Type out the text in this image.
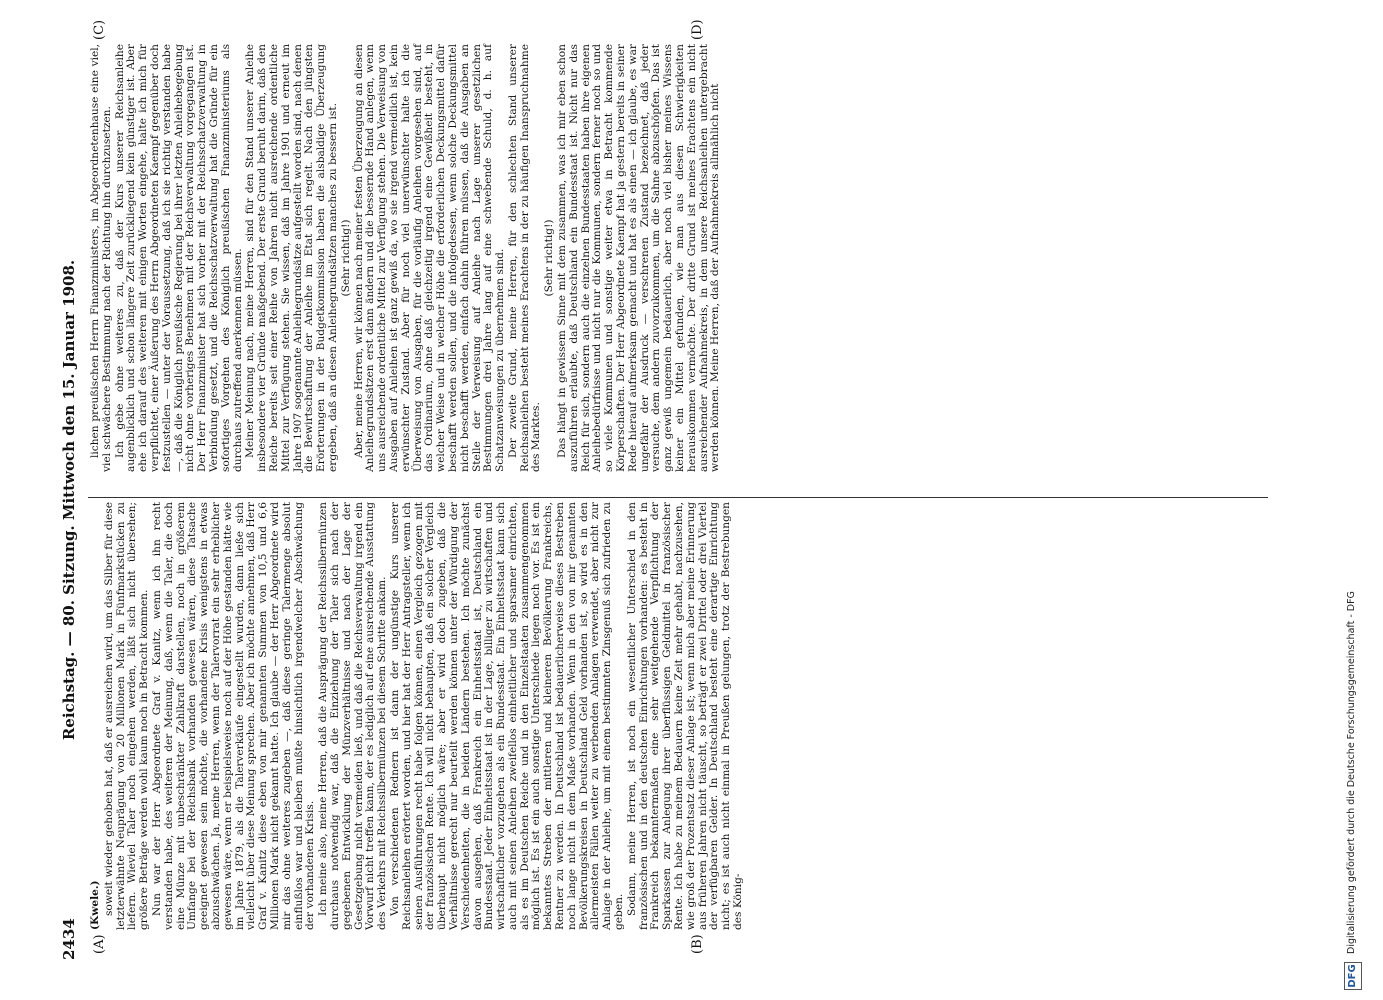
2434
Reichstag. — 80. Sitzung. Mittwoch den 15. Januar 1908.
(A)	(B)
(C)	(D)

(Kwele.) soweit wieder gehoben hat, daß er ausreichen wird, um das Silber für diese letzterwähnte Neuprägung von 20 Millionen Mark in Fünfmarkstücken zu liefern. Wieviel Taler noch eingehen werden, läßt sich nicht übersehen; größere Beträge werden wohl kaum noch in Betracht kommen. Nun war der Herr Abgeordnete Graf v. Kanitz, wenn ich ihn recht verstanden habe, des weiteren der Meinung, daß, wenn die Taler, die doch eine Münze mit unbeschränkter Zahlkraft darstellen, noch in größerem Umfange bei der Reichsbank vorhanden gewesen wären, diese Tatsache geeignet gewesen sein möchte, die vorhandene Krisis wenigstens in etwas abzuschwächen. Ja, meine Herren, wenn der Talervorrat ein sehr erheblicher gewesen wäre, wenn er beispielsweise noch auf der Höhe gestanden hätte wie im Jahre 1879, als die Talerverkäufe eingestellt wurden, dann ließe sich vielleicht über diese Meinung sprechen. Aber ich möchte annehmen, daß Herr Graf v. Kanitz diese eben von mir genannten Summen von 10,5 und 6,6 Millionen Mark nicht gekannt hatte. Ich glaube — der Herr Abgeordnete wird mir das ohne weiteres zugeben —, daß diese geringe Talermenge absolut einflußlos war und bleiben mußte hinsichtlich irgendwelcher Abschwächung der vorhandenen Krisis. Ich meine also, meine Herren, daß die Ausprägung der Reichssilbermünzen durchaus notwendig war, daß die Einziehung der Taler sich nach der gegebenen Entwicklung der Münzverhältnisse und nach der Lage der Gesetzgebung nicht vermeiden ließ, und daß die Reichsverwaltung irgend ein Vorwurf nicht treffen kann, der es lediglich auf eine ausreichende Ausstattung des Verkehrs mit Reichssilbermünzen bei diesem Schritte ankam. Von verschiedenen Rednern ist dann der ungünstige Kurs unserer Reichsanleihen erörtert worden, und hier hat der Herr Antragsteller, wenn ich seinen Ausführungen recht habe folgen können, einen Vergleich gezogen mit der französischen Rente. Ich will nicht behaupten, daß ein solcher Vergleich überhaupt nicht möglich wäre; aber er wird doch zugeben, daß die Verhältnisse gerecht nur beurteilt werden können unter der Würdigung der Verschiedenheiten, die in beiden Ländern bestehen. Ich möchte zunächst davon ausgehen, daß Frankreich ein Einheitsstaat ist, Deutschland ein Bundesstaat. Jeder Einheitsstaat ist in der Lage, billiger zu wirtschaften und wirtschaftlicher vorzugehen als ein Bundesstaat. Ein Einheitsstaat kann sich auch mit seinen Anleihen zweifellos einheitlicher und sparsamer einrichten, als es im Deutschen Reiche und in den Einzelstaaten zusammengenommen möglich ist. Es ist ein auch sonstige Unterschiede liegen noch vor. Es ist ein bekanntes Streben der mittleren und kleineren Bevölkerung Frankreichs, Rentner zu werden. In Deutschland ist bedauerlicherweise dieses Bestreben noch lange nicht in dem Maße vorhanden. Wenn in den von mir genannten Bevölkerungskreisen in Deutschland Geld vorhanden ist, so wird es in den allermeisten Fällen weiter zu werbenden Anlagen verwendet, aber nicht zur Anlage in der Anleihe, um mit einem bestimmten Zinsgenuß sich zufrieden zu geben. Sodann, meine Herren, ist noch ein wesentlicher Unterschied in den französischen und in den deutschen Einrichtungen vorhanden: es besteht in Frankreich bekanntermaßen eine sehr weitgehende Verpflichtung der Sparkassen zur Anlegung ihrer überflüssigen Geldmittel in französischer Rente. Ich habe zu meinem Bedauern keine Zeit mehr gehabt, nachzusehen, wie groß der Prozentsatz dieser Anlage ist; wenn mich aber meine Erinnerung aus früheren Jahren nicht täuscht, so beträgt er zwei Drittel oder drei Viertel der verfügbaren Gelder. In Deutschland besteht eine derartige Einrichtung nicht; es ist auch nicht einmal in Preußen gelungen, trotz der Bestrebungen des König-

lichen preußischen Herrn Finanzministers, im Abgeordnetenhause eine viel, viel schwächere Bestimmung nach der Richtung hin durchzusetzen. Ich gebe ohne weiteres zu, daß der Kurs unserer Reichsanleihe augenblicklich und schon längere Zeit zurückliegend kein günstiger ist. Aber ehe ich darauf des weiteren mit einigen Worten eingehe, halte ich mich für verpflichtet, einer Äußerung des Herrn Abgeordneten Kaempf gegenüber doch festzustellen — unter der Voraussetzung, daß ich sie richtig verstanden habe —, daß die Königlich preußische Regierung bei ihrer letzten Anleihebegebung nicht ohne vorheriges Benehmen mit der Reichsverwaltung vorgegangen ist. Der Herr Finanzminister hat sich vorher mit der Reichsschatzverwaltung in Verbindung gesetzt, und die Reichsschatzverwaltung hat die Gründe für ein sofortiges Vorgehen des Königlich preußischen Finanzministeriums als durchaus zutreffend anerkennen müssen. Meiner Meinung nach, meine Herren, sind für den Stand unserer Anleihe insbesondere vier Gründe maßgebend. Der erste Grund beruht darin, daß den Reiche bereits seit einer Reihe von Jahren nicht ausreichende ordentliche Mittel zur Verfügung stehen. Sie wissen, daß im Jahre 1901 und erneut im Jahre 1907 sogenannte Anleihegrundsätze aufgestellt worden sind, nach denen die Bewirtschaftung der Anleihe im Etat sich regelt. Nach den jüngsten Erörterungen in der Budgetkommission haben die alsbaldige Überzeugung ergeben, daß an diesen Anleihegrundsätzen manches zu bessern ist. (Sehr richtig!) Aber, meine Herren, wir können nach meiner festen Überzeugung an diesen Anleihegrundsätzen erst dann ändern und die bessernde Hand anlegen, wenn uns ausreichende ordentliche Mittel zur Verfügung stehen. Die Verweisung von Ausgaben auf Anleihen ist ganz gewiß da, wo sie irgend vermeidlich ist, kein erwünschter Zustand. Aber für noch viel unerwünschter halte ich die Überweisung von Ausgaben, für die vorläufig Anleihen vorgesehen sind, auf das Ordinarium, ohne daß gleichzeitig irgend eine Gewißheit besteht, in welcher Weise und in welcher Höhe die erforderlichen Deckungsmittel dafür beschafft werden sollen, und die infolgedessen, wenn solche Deckungsmittel nicht beschafft werden, einfach dahin führen müssen, daß die Ausgaben an Stelle der Verweisung auf Anleihe nach Lage unserer gesetzlichen Bestimmungen drei Jahre lang auf eine schwebende Schuld, d. h. auf Schatzanweisungen zu übernehmen sind. Der zweite Grund, meine Herren, für den schlechten Stand unserer Reichsanleihen besteht meines Erachtens in der zu häufigen Inanspruchnahme des Marktes.

(Sehr richtig!) Das hängt in gewissem Sinne mit dem zusammen, was ich mir eben schon auszuführen erlaubte, daß Deutschland ein Bundesstaat ist. Nicht nur das Reich für sich, sondern auch die einzelnen Bundesstaaten haben ihre eigenen Anleihebedürfnisse und nicht nur die Kommunen, sondern ferner noch so und so viele Kommunen und sonstige weiter etwa in Betracht kommende Körperschaften. Der Herr Abgeordnete Kaempf hat ja gestern bereits in seiner Rede hierauf aufmerksam gemacht und hat es als einen — ich glaube, es war ungefähr der Ausdruck — verschrenen Zustand bezeichnet, daß jeder versuche, dem andern zuvorzukommen, um die Sahne abzuschöpfen. Das ist ganz gewiß ungemein bedauerlich, aber noch viel bisher meines Wissens keiner ein Mittel gefunden, wie man aus diesen Schwierigkeiten herauskommen vermöchte. Der dritte Grund ist meines Erachtens ein nicht ausreichender Aufnahmekreis, in dem unsere Reichsanleihen untergebracht werden können. Meine Herren, daß der Aufnahmekreis allmählich nicht

DFG
Digitalisierung gefördert durch die Deutsche Forschungsgemeinschaft - DFG
